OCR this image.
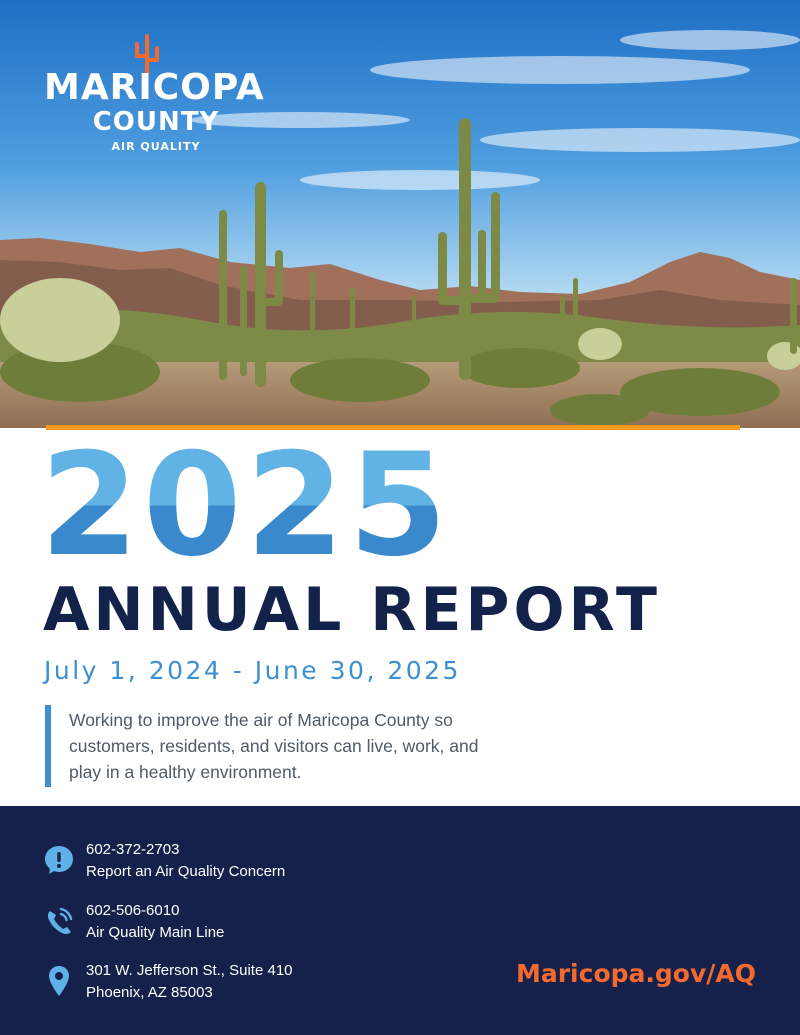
MARICOPA
COUNTY
AIR QUALITY
2025
ANNUAL REPORT
July 1, 2024 - June 30, 2025
Working to improve the air of Maricopa County so customers, residents, and visitors can live, work, and play in a healthy environment.
602-372-2703
Report an Air Quality Concern
602-506-6010
Air Quality Main Line
301 W. Jefferson St., Suite 410
Phoenix, AZ 85003
Maricopa.gov/AQ
